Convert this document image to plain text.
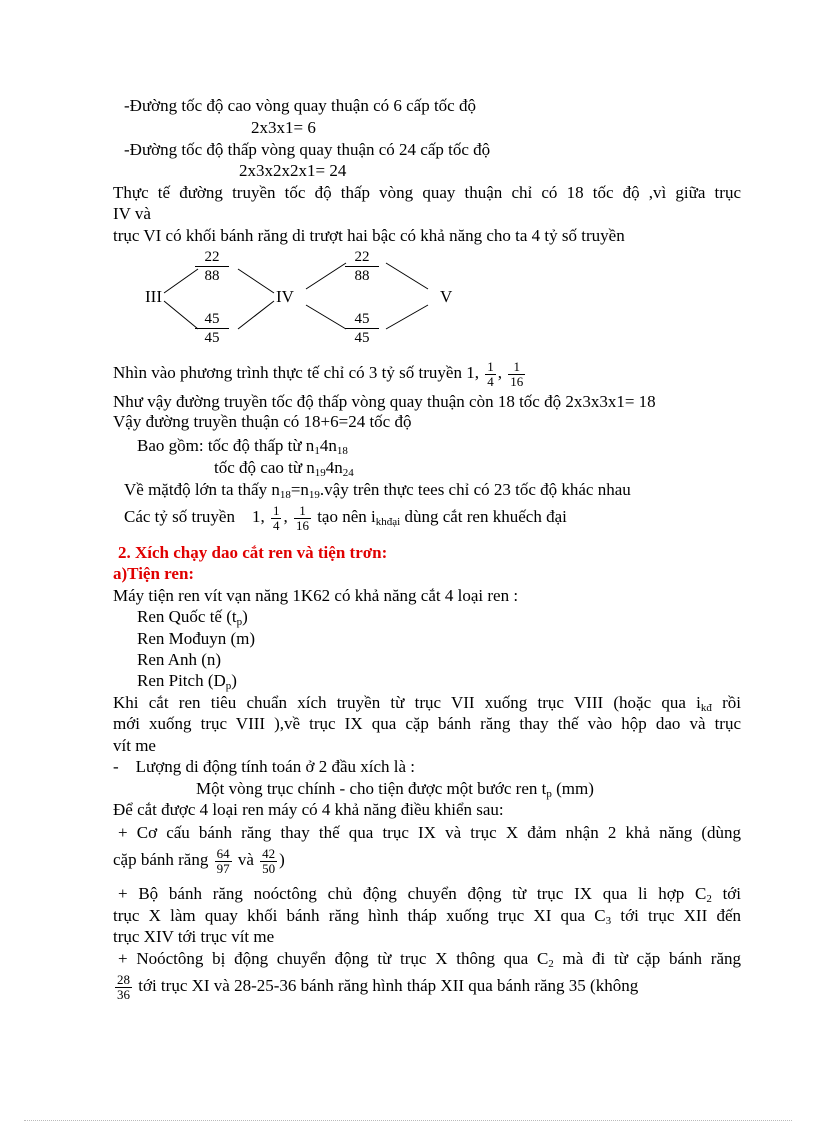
-Đường tốc độ cao vòng quay thuận có 6 cấp tốc độ
2x3x1= 6
-Đường tốc độ thấp vòng quay thuận có 24 cấp tốc độ
2x3x2x2x1= 24
Thực tế đường truyền tốc độ thấp vòng quay thuận chỉ có 18 tốc độ ,vì giữa trục
IV và
trục VI có khối bánh răng di trượt hai bậc có khả năng cho ta 4 tỷ số truyền
III	IV	V
$\frac{22}{88}$
$\frac{45}{45}$
$\frac{22}{88}$
$\frac{45}{45}$
Nhìn vào phương trình thực tế chỉ có 3 tỷ số truyền 1, $\frac{1}{4}$ , $\frac{1}{16}$
Như vậy đường truyền tốc độ thấp vòng quay thuận còn 18 tốc độ 2x3x3x1= 18
Vậy đường truyền thuận có 18+6=24 tốc độ
Bao gồm: tốc độ thấp từ $n_14n_{18}$
tốc độ cao từ $n_{19}4n_{24}$
Về mặtđộ lớn ta thấy $n_{18}=n_{19}.vậy$ trên thực tees chỉ có 23 tốc độ khác nhau
Các tỷ số truyền 1, $\frac{1}{4}$ , $\frac{1}{16}$ tạo nên $i_{khđại}$ dùng cắt ren khuếch đại
2. Xích chạy dao cắt ren và tiện trơn:
a)Tiện ren:
Máy tiện ren vít vạn năng 1K62 có khả năng cắt 4 loại ren :
Ren Quốc tế $(t_p)$
Ren Mođuyn (m)
Ren Anh (n)
Ren Pitch $(D_p)$
Khi cắt ren tiêu chuẩn xích truyền từ trục VII xuống trục VIII (hoặc qua $i_{kđ}$ rồi
mới xuống trục VIII ),về trục IX qua cặp bánh răng thay thế vào hộp dao và trục
vít me
- Lượng di động tính toán ở 2 đầu xích là :
Một vòng trục chính - cho tiện được một bước ren $t_p$ (mm)
Để cắt được 4 loại ren máy có 4 khả năng điều khiển sau:
+ Cơ cấu bánh răng thay thế qua trục IX và trục X đảm nhận 2 khả năng (dùng
cặp bánh răng $\frac{64}{97}$ và $\frac{42}{50}$ )
+ Bộ bánh răng noóctông chủ động chuyển động từ trục IX qua li hợp $C_2$ tới
trục X làm quay khối bánh răng hình tháp xuống trục XI qua $C_3$ tới trục XII đến
trục XIV tới trục vít me
+ Noóctông bị động chuyển động từ trục X thông qua $C_2$ mà đi từ cặp bánh răng
$\frac{28}{36}$ tới trục XI và 28-25-36 bánh răng hình tháp XII qua bánh răng 35 (không
